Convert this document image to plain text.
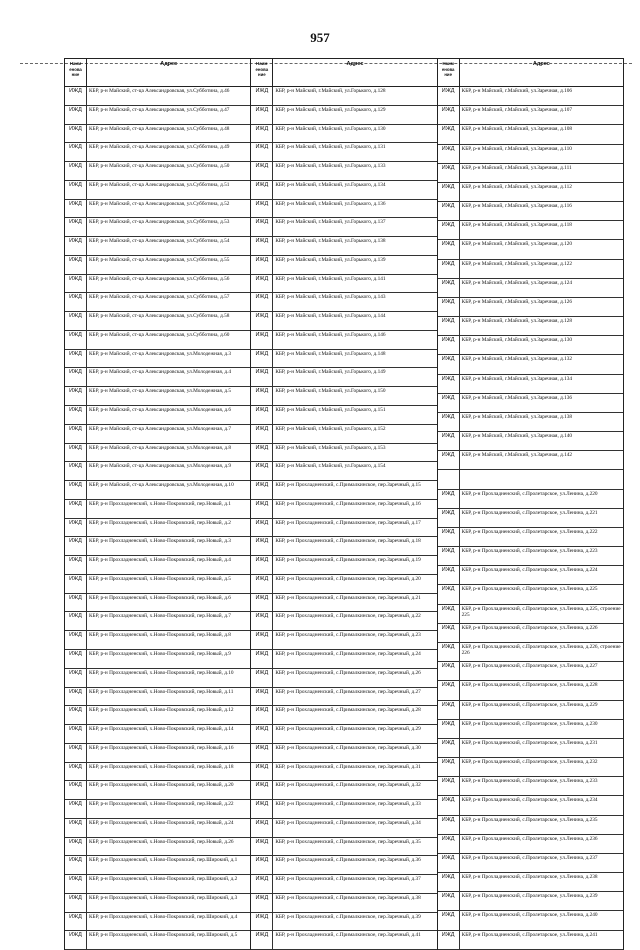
957
Наим енова ние
Адрес
ИЖД	КБР, р-н Майский, ст-ца Александровская, ул.Субботина, д.46
ИЖД	КБР, р-н Майский, ст-ца Александровская, ул.Субботина, д.47
ИЖД	КБР, р-н Майский, ст-ца Александровская, ул.Субботина, д.48
ИЖД	КБР, р-н Майский, ст-ца Александровская, ул.Субботина, д.49
ИЖД	КБР, р-н Майский, ст-ца Александровская, ул.Субботина, д.50
ИЖД	КБР, р-н Майский, ст-ца Александровская, ул.Субботина, д.51
ИЖД	КБР, р-н Майский, ст-ца Александровская, ул.Субботина, д.52
ИЖД	КБР, р-н Майский, ст-ца Александровская, ул.Субботина, д.53
ИЖД	КБР, р-н Майский, ст-ца Александровская, ул.Субботина, д.54
ИЖД	КБР, р-н Майский, ст-ца Александровская, ул.Субботина, д.55
ИЖД	КБР, р-н Майский, ст-ца Александровская, ул.Субботина, д.56
ИЖД	КБР, р-н Майский, ст-ца Александровская, ул.Субботина, д.57
ИЖД	КБР, р-н Майский, ст-ца Александровская, ул.Субботина, д.58
ИЖД	КБР, р-н Майский, ст-ца Александровская, ул.Субботина, д.60
ИЖД	КБР, р-н Майский, ст-ца Александровская, ул.Молодежная, д.3
ИЖД	КБР, р-н Майский, ст-ца Александровская, ул.Молодежная, д.4
ИЖД	КБР, р-н Майский, ст-ца Александровская, ул.Молодежная, д.5
ИЖД	КБР, р-н Майский, ст-ца Александровская, ул.Молодежная, д.6
ИЖД	КБР, р-н Майский, ст-ца Александровская, ул.Молодежная, д.7
ИЖД	КБР, р-н Майский, ст-ца Александровская, ул.Молодежная, д.8
ИЖД	КБР, р-н Майский, ст-ца Александровская, ул.Молодежная, д.9
ИЖД	КБР, р-н Майский, ст-ца Александровская, ул.Молодежная, д.10
ИЖД	КБР, р-н Прохладненский, х.Ново-Покровский, пер.Новый, д.1
ИЖД	КБР, р-н Прохладненский, х.Ново-Покровский, пер.Новый, д.2
ИЖД	КБР, р-н Прохладненский, х.Ново-Покровский, пер.Новый, д.3
ИЖД	КБР, р-н Прохладненский, х.Ново-Покровский, пер.Новый, д.4
ИЖД	КБР, р-н Прохладненский, х.Ново-Покровский, пер.Новый, д.5
ИЖД	КБР, р-н Прохладненский, х.Ново-Покровский, пер.Новый, д.6
ИЖД	КБР, р-н Прохладненский, х.Ново-Покровский, пер.Новый, д.7
ИЖД	КБР, р-н Прохладненский, х.Ново-Покровский, пер.Новый, д.8
ИЖД	КБР, р-н Прохладненский, х.Ново-Покровский, пер.Новый, д.9
ИЖД	КБР, р-н Прохладненский, х.Ново-Покровский, пер.Новый, д.10
ИЖД	КБР, р-н Прохладненский, х.Ново-Покровский, пер.Новый, д.11
ИЖД	КБР, р-н Прохладненский, х.Ново-Покровский, пер.Новый, д.12
ИЖД	КБР, р-н Прохладненский, х.Ново-Покровский, пер.Новый, д.14
ИЖД	КБР, р-н Прохладненский, х.Ново-Покровский, пер.Новый, д.16
ИЖД	КБР, р-н Прохладненский, х.Ново-Покровский, пер.Новый, д.18
ИЖД	КБР, р-н Прохладненский, х.Ново-Покровский, пер.Новый, д.20
ИЖД	КБР, р-н Прохладненский, х.Ново-Покровский, пер.Новый, д.22
ИЖД	КБР, р-н Прохладненский, х.Ново-Покровский, пер.Новый, д.24
ИЖД	КБР, р-н Прохладненский, х.Ново-Покровский, пер.Новый, д.26
ИЖД	КБР, р-н Прохладненский, х.Ново-Покровский, пер.Широкий, д.1
ИЖД	КБР, р-н Прохладненский, х.Ново-Покровский, пер.Широкий, д.2
ИЖД	КБР, р-н Прохладненский, х.Ново-Покровский, пер.Широкий, д.3
ИЖД	КБР, р-н Прохладненский, х.Ново-Покровский, пер.Широкий, д.4
ИЖД	КБР, р-н Прохладненский, х.Ново-Покровский, пер.Широкий, д.5
Наим енова ние
Адрес
ИЖД	КБР, р-н Майский, г.Майский, ул.Горького, д.128
ИЖД	КБР, р-н Майский, г.Майский, ул.Горького, д.129
ИЖД	КБР, р-н Майский, г.Майский, ул.Горького, д.130
ИЖД	КБР, р-н Майский, г.Майский, ул.Горького, д.131
ИЖД	КБР, р-н Майский, г.Майский, ул.Горького, д.133
ИЖД	КБР, р-н Майский, г.Майский, ул.Горького, д.134
ИЖД	КБР, р-н Майский, г.Майский, ул.Горького, д.136
ИЖД	КБР, р-н Майский, г.Майский, ул.Горького, д.137
ИЖД	КБР, р-н Майский, г.Майский, ул.Горького, д.138
ИЖД	КБР, р-н Майский, г.Майский, ул.Горького, д.139
ИЖД	КБР, р-н Майский, г.Майский, ул.Горького, д.141
ИЖД	КБР, р-н Майский, г.Майский, ул.Горького, д.143
ИЖД	КБР, р-н Майский, г.Майский, ул.Горького, д.144
ИЖД	КБР, р-н Майский, г.Майский, ул.Горького, д.146
ИЖД	КБР, р-н Майский, г.Майский, ул.Горького, д.148
ИЖД	КБР, р-н Майский, г.Майский, ул.Горького, д.149
ИЖД	КБР, р-н Майский, г.Майский, ул.Горького, д.150
ИЖД	КБР, р-н Майский, г.Майский, ул.Горького, д.151
ИЖД	КБР, р-н Майский, г.Майский, ул.Горького, д.152
ИЖД	КБР, р-н Майский, г.Майский, ул.Горького, д.153
ИЖД	КБР, р-н Майский, г.Майский, ул.Горького, д.154
ИЖД	КБР, р-н Прохладненский, с.Прималкинское, пер.Заречный, д.15
ИЖД	КБР, р-н Прохладненский, с.Прималкинское, пер.Заречный, д.16
ИЖД	КБР, р-н Прохладненский, с.Прималкинское, пер.Заречный, д.17
ИЖД	КБР, р-н Прохладненский, с.Прималкинское, пер.Заречный, д.18
ИЖД	КБР, р-н Прохладненский, с.Прималкинское, пер.Заречный, д.19
ИЖД	КБР, р-н Прохладненский, с.Прималкинское, пер.Заречный, д.20
ИЖД	КБР, р-н Прохладненский, с.Прималкинское, пер.Заречный, д.21
ИЖД	КБР, р-н Прохладненский, с.Прималкинское, пер.Заречный, д.22
ИЖД	КБР, р-н Прохладненский, с.Прималкинское, пер.Заречный, д.23
ИЖД	КБР, р-н Прохладненский, с.Прималкинское, пер.Заречный, д.24
ИЖД	КБР, р-н Прохладненский, с.Прималкинское, пер.Заречный, д.26
ИЖД	КБР, р-н Прохладненский, с.Прималкинское, пер.Заречный, д.27
ИЖД	КБР, р-н Прохладненский, с.Прималкинское, пер.Заречный, д.28
ИЖД	КБР, р-н Прохладненский, с.Прималкинское, пер.Заречный, д.29
ИЖД	КБР, р-н Прохладненский, с.Прималкинское, пер.Заречный, д.30
ИЖД	КБР, р-н Прохладненский, с.Прималкинское, пер.Заречный, д.31
ИЖД	КБР, р-н Прохладненский, с.Прималкинское, пер.Заречный, д.32
ИЖД	КБР, р-н Прохладненский, с.Прималкинское, пер.Заречный, д.33
ИЖД	КБР, р-н Прохладненский, с.Прималкинское, пер.Заречный, д.34
ИЖД	КБР, р-н Прохладненский, с.Прималкинское, пер.Заречный, д.35
ИЖД	КБР, р-н Прохладненский, с.Прималкинское, пер.Заречный, д.36
ИЖД	КБР, р-н Прохладненский, с.Прималкинское, пер.Заречный, д.37
ИЖД	КБР, р-н Прохладненский, с.Прималкинское, пер.Заречный, д.38
ИЖД	КБР, р-н Прохладненский, с.Прималкинское, пер.Заречный, д.39
ИЖД	КБР, р-н Прохладненский, с.Прималкинское, пер.Заречный, д.41
Наим енова ние
Адрес
ИЖД	КБР, р-н Майский, г.Майский, ул.Заречная, д.106
ИЖД	КБР, р-н Майский, г.Майский, ул.Заречная, д.107
ИЖД	КБР, р-н Майский, г.Майский, ул.Заречная, д.108
ИЖД	КБР, р-н Майский, г.Майский, ул.Заречная, д.110
ИЖД	КБР, р-н Майский, г.Майский, ул.Заречная, д.111
ИЖД	КБР, р-н Майский, г.Майский, ул.Заречная, д.112
ИЖД	КБР, р-н Майский, г.Майский, ул.Заречная, д.116
ИЖД	КБР, р-н Майский, г.Майский, ул.Заречная, д.118
ИЖД	КБР, р-н Майский, г.Майский, ул.Заречная, д.120
ИЖД	КБР, р-н Майский, г.Майский, ул.Заречная, д.122
ИЖД	КБР, р-н Майский, г.Майский, ул.Заречная, д.124
ИЖД	КБР, р-н Майский, г.Майский, ул.Заречная, д.126
ИЖД	КБР, р-н Майский, г.Майский, ул.Заречная, д.128
ИЖД	КБР, р-н Майский, г.Майский, ул.Заречная, д.130
ИЖД	КБР, р-н Майский, г.Майский, ул.Заречная, д.132
ИЖД	КБР, р-н Майский, г.Майский, ул.Заречная, д.134
ИЖД	КБР, р-н Майский, г.Майский, ул.Заречная, д.136
ИЖД	КБР, р-н Майский, г.Майский, ул.Заречная, д.138
ИЖД	КБР, р-н Майский, г.Майский, ул.Заречная, д.140
ИЖД	КБР, р-н Майский, г.Майский, ул.Заречная, д.142
ИЖД	КБР, р-н Прохладненский, с.Пролетарское, ул.Ленина, д.220
ИЖД	КБР, р-н Прохладненский, с.Пролетарское, ул.Ленина, д.221
ИЖД	КБР, р-н Прохладненский, с.Пролетарское, ул.Ленина, д.222
ИЖД	КБР, р-н Прохладненский, с.Пролетарское, ул.Ленина, д.223
ИЖД	КБР, р-н Прохладненский, с.Пролетарское, ул.Ленина, д.224
ИЖД	КБР, р-н Прохладненский, с.Пролетарское, ул.Ленина, д.225
ИЖД	КБР, р-н Прохладненский, с.Пролетарское, ул.Ленина, д.225, строение 225
ИЖД	КБР, р-н Прохладненский, с.Пролетарское, ул.Ленина, д.226
ИЖД	КБР, р-н Прохладненский, с.Пролетарское, ул.Ленина, д.226, строение 226
ИЖД	КБР, р-н Прохладненский, с.Пролетарское, ул.Ленина, д.227
ИЖД	КБР, р-н Прохладненский, с.Пролетарское, ул.Ленина, д.228
ИЖД	КБР, р-н Прохладненский, с.Пролетарское, ул.Ленина, д.229
ИЖД	КБР, р-н Прохладненский, с.Пролетарское, ул.Ленина, д.230
ИЖД	КБР, р-н Прохладненский, с.Пролетарское, ул.Ленина, д.231
ИЖД	КБР, р-н Прохладненский, с.Пролетарское, ул.Ленина, д.232
ИЖД	КБР, р-н Прохладненский, с.Пролетарское, ул.Ленина, д.233
ИЖД	КБР, р-н Прохладненский, с.Пролетарское, ул.Ленина, д.234
ИЖД	КБР, р-н Прохладненский, с.Пролетарское, ул.Ленина, д.235
ИЖД	КБР, р-н Прохладненский, с.Пролетарское, ул.Ленина, д.236
ИЖД	КБР, р-н Прохладненский, с.Пролетарское, ул.Ленина, д.237
ИЖД	КБР, р-н Прохладненский, с.Пролетарское, ул.Ленина, д.238
ИЖД	КБР, р-н Прохладненский, с.Пролетарское, ул.Ленина, д.239
ИЖД	КБР, р-н Прохладненский, с.Пролетарское, ул.Ленина, д.240
ИЖД	КБР, р-н Прохладненский, с.Пролетарское, ул.Ленина, д.241
